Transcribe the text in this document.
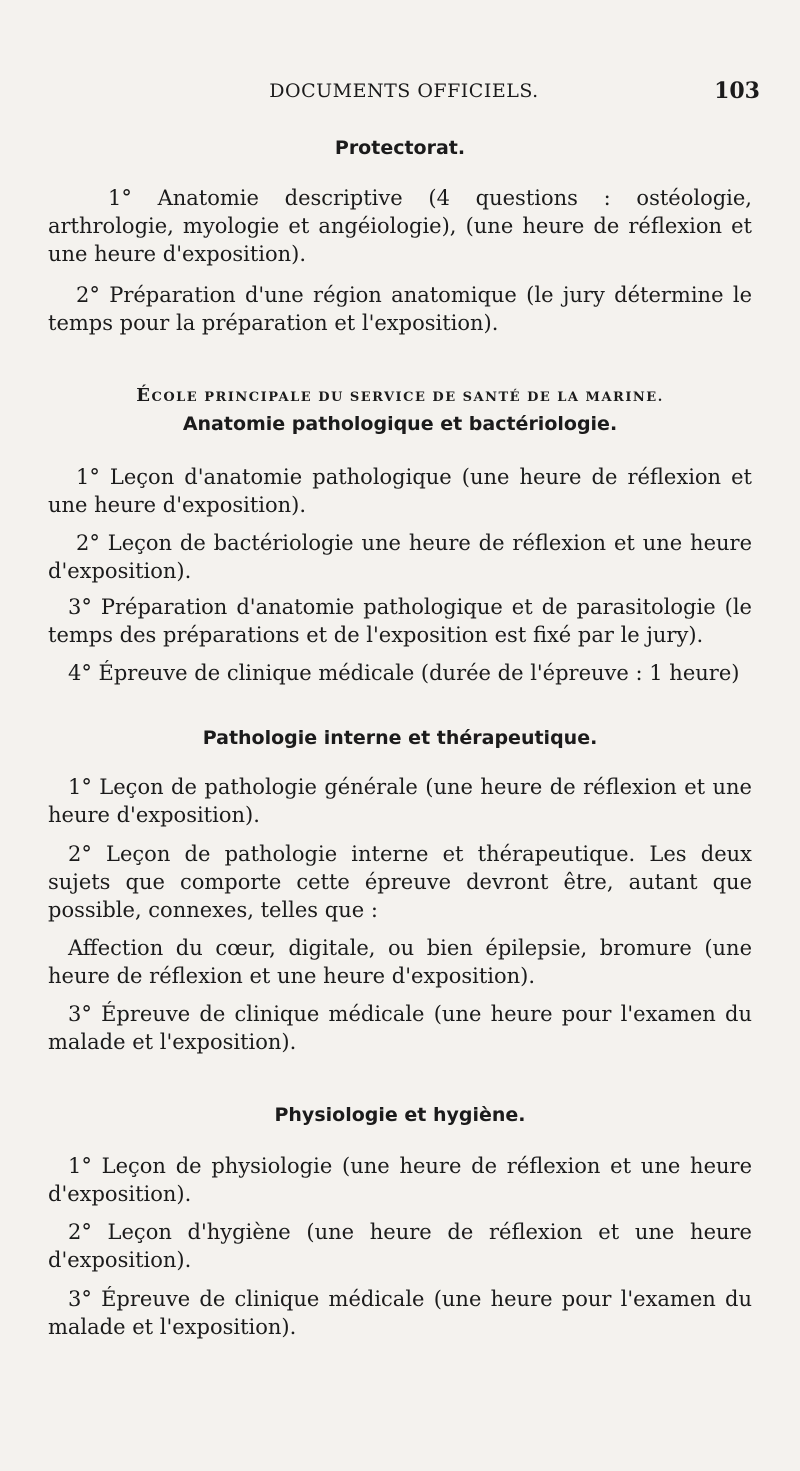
DOCUMENTS OFFICIELS.	103
Protectorat.
1° Anatomie descriptive (4 questions : ostéologie, arthrologie, myologie et angéiologie), (une heure de réflexion et une heure d'exposition).
2° Préparation d'une région anatomique (le jury détermine le temps pour la préparation et l'exposition).
ÉCOLE PRINCIPALE DU SERVICE DE SANTÉ DE LA MARINE.
Anatomie pathologique et bactériologie.
1° Leçon d'anatomie pathologique (une heure de réflexion et une heure d'exposition).
2° Leçon de bactériologie une heure de réflexion et une heure d'exposition).
3° Préparation d'anatomie pathologique et de parasitologie (le temps des préparations et de l'exposition est fixé par le jury).
4° Épreuve de clinique médicale (durée de l'épreuve : 1 heure)
Pathologie interne et thérapeutique.
1° Leçon de pathologie générale (une heure de réflexion et une heure d'exposition).
2° Leçon de pathologie interne et thérapeutique. Les deux sujets que comporte cette épreuve devront être, autant que possible, connexes, telles que :
Affection du cœur, digitale, ou bien épilepsie, bromure (une heure de réflexion et une heure d'exposition).
3° Épreuve de clinique médicale (une heure pour l'examen du malade et l'exposition).
Physiologie et hygiène.
1° Leçon de physiologie (une heure de réflexion et une heure d'exposition).
2° Leçon d'hygiène (une heure de réflexion et une heure d'exposition).
3° Épreuve de clinique médicale (une heure pour l'examen du malade et l'exposition).
